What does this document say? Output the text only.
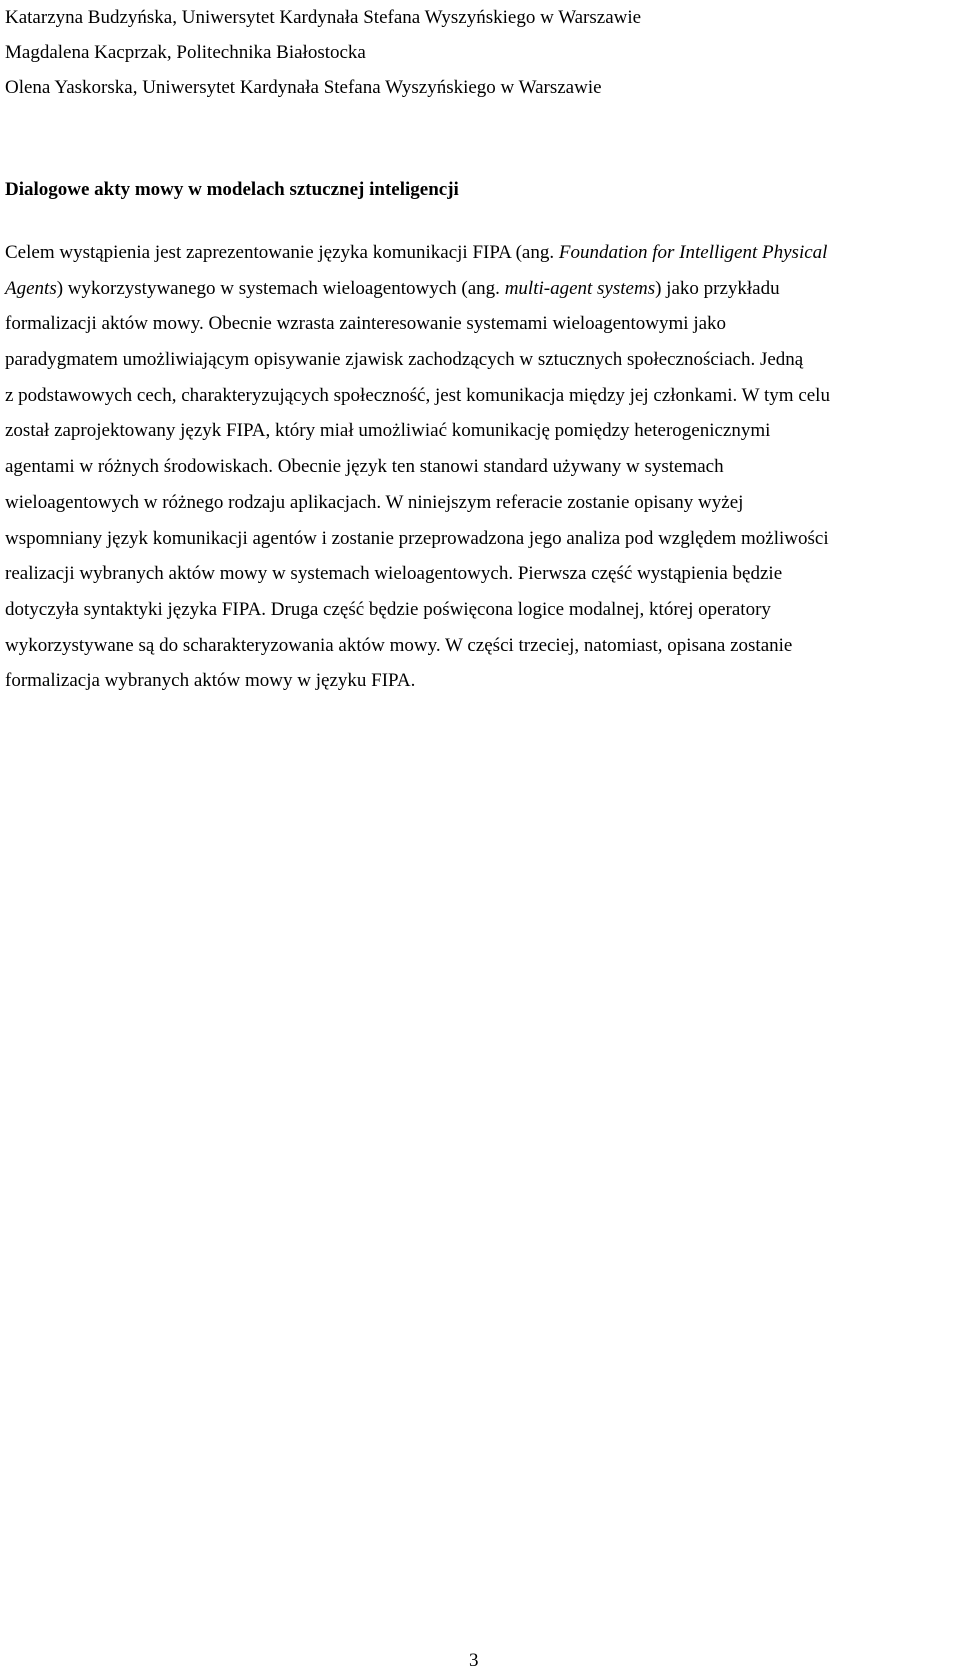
Katarzyna Budzyńska, Uniwersytet Kardynała Stefana Wyszyńskiego w Warszawie
Magdalena Kacprzak, Politechnika Białostocka
Olena Yaskorska, Uniwersytet Kardynała Stefana Wyszyńskiego w Warszawie
Dialogowe akty mowy w modelach sztucznej inteligencji
Celem wystąpienia jest zaprezentowanie języka komunikacji FIPA (ang. Foundation for Intelligent Physical
Agents) wykorzystywanego w systemach wieloagentowych (ang. multi-agent systems) jako przykładu
formalizacji aktów mowy. Obecnie wzrasta zainteresowanie systemami wieloagentowymi jako
paradygmatem umożliwiającym opisywanie zjawisk zachodzących w sztucznych społecznościach. Jedną
z podstawowych cech, charakteryzujących społeczność, jest komunikacja między jej członkami. W tym celu
został zaprojektowany język FIPA, który miał umożliwiać komunikację pomiędzy heterogenicznymi
agentami w różnych środowiskach. Obecnie język ten stanowi standard używany w systemach
wieloagentowych w różnego rodzaju aplikacjach. W niniejszym referacie zostanie opisany wyżej
wspomniany język komunikacji agentów i zostanie przeprowadzona jego analiza pod względem możliwości
realizacji wybranych aktów mowy w systemach wieloagentowych. Pierwsza część wystąpienia będzie
dotyczyła syntaktyki języka FIPA. Druga część będzie poświęcona logice modalnej, której operatory
wykorzystywane są do scharakteryzowania aktów mowy. W części trzeciej, natomiast, opisana zostanie
formalizacja wybranych aktów mowy w języku FIPA.
3
